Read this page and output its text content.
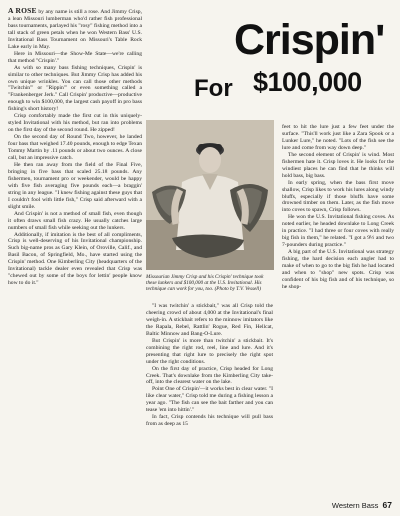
A ROSE by any name is still a rose. And Jimmy Crisp, a lean Missouri lumberman who'd rather fish professional bass tournaments, parlayed his "rosy" fishing method into a tall stack of green petals when he won Western Bass' U.S. Invitational Bass Tournament on Missouri's Table Rock Lake early in May.

Here in Missouri—the Show-Me State—we're calling that method "Crispin'."

As with so many bass fishing techniques, Crispin' is similar to other techniques. But Jimmy Crisp has added his own unique wrinkles. You can call those other methods "Twitchin'" or "Rippin'" or even something called a "Frankenberger Jerk." Call Crispin' productive—productive enough to win $100,000, the largest cash payoff in pro bass fishing's short history!

Crisp comfortably made the first cut in this uniquely-styled Invitational with his method, but ran into problems on the first day of the second round. He zipped!

On the second day of Round Two, however, he landed four bass that weighed 17.40 pounds, enough to edge Texan Tommy Martin by .11 pounds or about two ounces. A close call, but an impressive catch.

He then ran away from the field of the Final Five, bringing in five bass that scaled 25.18 pounds. Any fishermen, tournament pro or weekender, would be happy with five fish averaging five pounds each—a braggin' string in any league. "I knew fishing against these guys that I couldn't fool with little fish," Crisp said afterward with a slight smile.

And Crispin' is not a method of small fish, even though it often draws small fish crazy. He usually catches large numbers of small fish while seeking out the lunkers.

Additionally, if imitation is the best of all compliments, Crisp is well-deserving of his Invitational championship. Such big-name pros as Gary Klein, of Oroville, Calif., and Basil Bacon, of Springfield, Mo., have started using the Crispin' method. One Kimberling City (headquarters of the Invitational) tackle dealer even revealed that Crisp was "chewed out by some of the boys for lettin' people know how to do it."

Crispin'
For $100,000
Missourian Jimmy Crisp and his Crispin' technique took these lunkers and $100,000 at the U.S. Invitational. His technique can work for you, too. (Photo by T.V. Vessell)

"I was twitchin' a stickbait," was all Crisp told the cheering crowd of about 4,000 at the Invitational's final weigh-in. A stickbait refers to the minnow imitators like the Rapala, Rebel, Rattlin' Rogue, Red Fin, Hellcat, Baltic Minnow and Bang-O-Lure.

But Crispin' is more than twitchin' a stickbait. It's combining the right rod, reel, line and lure. And it's presenting that right lure to precisely the right spot under the right conditions.

On the first day of practice, Crisp headed for Long Creek. That's downlake from the Kimberling City take-off, into the clearest water on the lake.

Point One of Crispin'—it works best in clear water. "I like clear water," Crisp told me during a fishing lesson a year ago. "The fish can see the bait farther and you can tease 'em into hittin'."

In fact, Crisp contends his technique will pull bass from as deep as 15

feet to hit the lure just a few feet under the surface. "This'll work just like a Zara Spook or a Lunker Lure," he noted. "Lots of the fish see the lure and come from way down deep."

The second element of Crispin' is wind. Most fishermen hate it. Crisp loves it. He looks for the windiest places he can find that he thinks will hold bass, big bass.

In early spring, when the bass first move shallow, Crisp likes to work his lures along windy bluffs, especially if those bluffs have some drowned timber on them. Later, as the fish move into coves to spawn, Crisp follows.

He won the U.S. Invitational fishing coves. As noted earlier, he headed downlake to Long Creek in practice. "I had three or four coves with really big fish in them," he related. "I got a 9½ and two 7-pounders during practice."

A big part of the U.S. Invitational was strategy fishing, the hard decision each angler had to make of when to go to the big fish he had located and when to "shop" new spots. Crisp was confident of his big fish and of his technique, so he shop-

Western Bass 67
